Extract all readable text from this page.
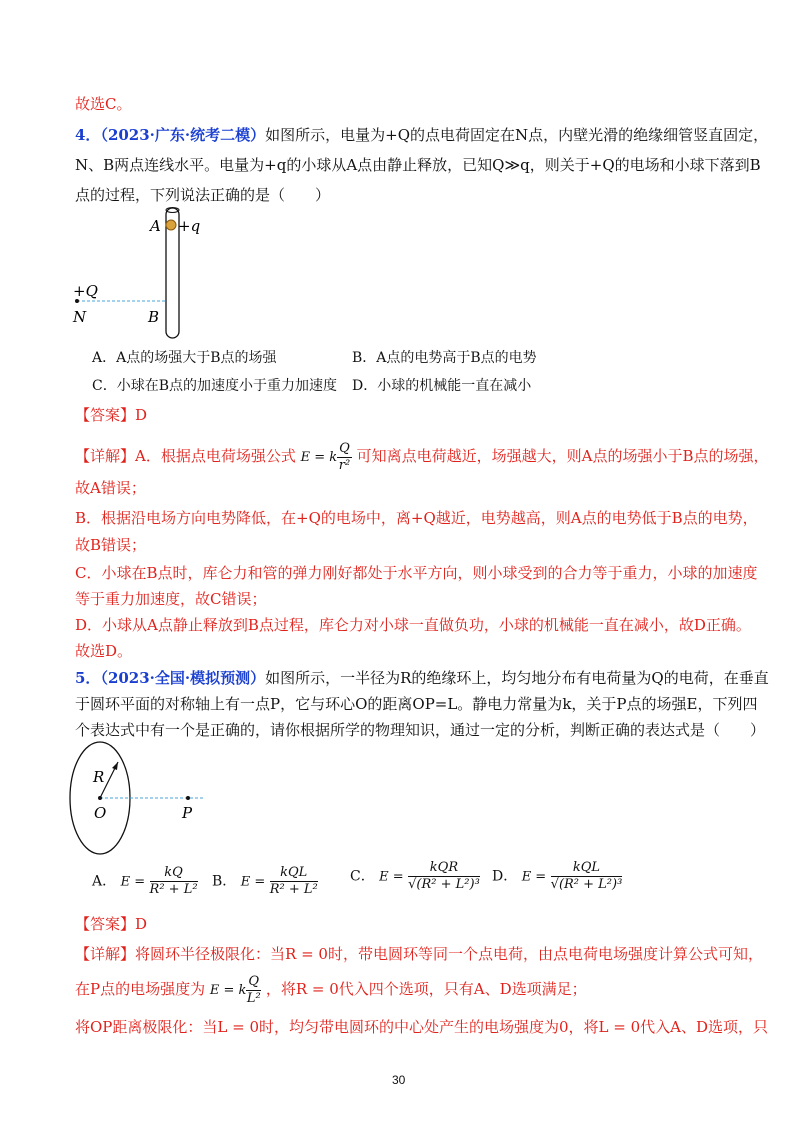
故选C。
4．（2023·广东·统考二模）如图所示，电量为+Q的点电荷固定在N点，内壁光滑的绝缘细管竖直固定，
N、B两点连线水平。电量为+q的小球从A点由静止释放，已知Q≫q，则关于+Q的电场和小球下落到B
点的过程，下列说法正确的是（　　）
A +q
+Q
N	B
A．A点的场强大于B点的场强	B．A点的电势高于B点的电势
C．小球在B点的加速度小于重力加速度 D．小球的机械能一直在减小
【答案】D
【详解】A．根据点电荷场强公式 E = k $\frac{Q}{\text{r²}}$ 可知离点电荷越近，场强越大，则A点的场强小于B点的场强，
故A错误；
B．根据沿电场方向电势降低，在+Q的电场中，离+Q越近，电势越高，则A点的电势低于B点的电势，
故B错误；
C．小球在B点时，库仑力和管的弹力刚好都处于水平方向，则小球受到的合力等于重力，小球的加速度
等于重力加速度，故C错误；
D．小球从A点静止释放到B点过程，库仑力对小球一直做负功，小球的机械能一直在减小，故D正确。
故选D。
5．（2023·全国·模拟预测）如图所示，一半径为R的绝缘环上，均匀地分布有电荷量为Q的电荷，在垂直
于圆环平面的对称轴上有一点P，它与环心O的距离OP=L。静电力常量为k，关于P点的场强E，下列四
个表达式中有一个是正确的，请你根据所学的物理知识，通过一定的分析，判断正确的表达式是（　　）
R
O	P
A． $E = \frac{kQ}{\text{R² + L²}}$ B． $E = \frac{\text{kQL}}{\text{R² + L²}}$ C． $E = \frac{\text{kQR}}{\text{√(R² + L²)³}}$ D． $E = \frac{\text{kQL}}{\text{√(R² + L²)³}}$
【答案】D
【详解】将圆环半径极限化：当R = 0时，带电圆环等同一个点电荷，由点电荷电场强度计算公式可知，
在P点的电场强度为 E = k $\frac{Q}{\text{L²}}$ ，将R = 0代入四个选项，只有A、D选项满足；
将OP距离极限化：当L = 0时，均匀带电圆环的中心处产生的电场强度为0，将L = 0代入A、D选项，只
30
